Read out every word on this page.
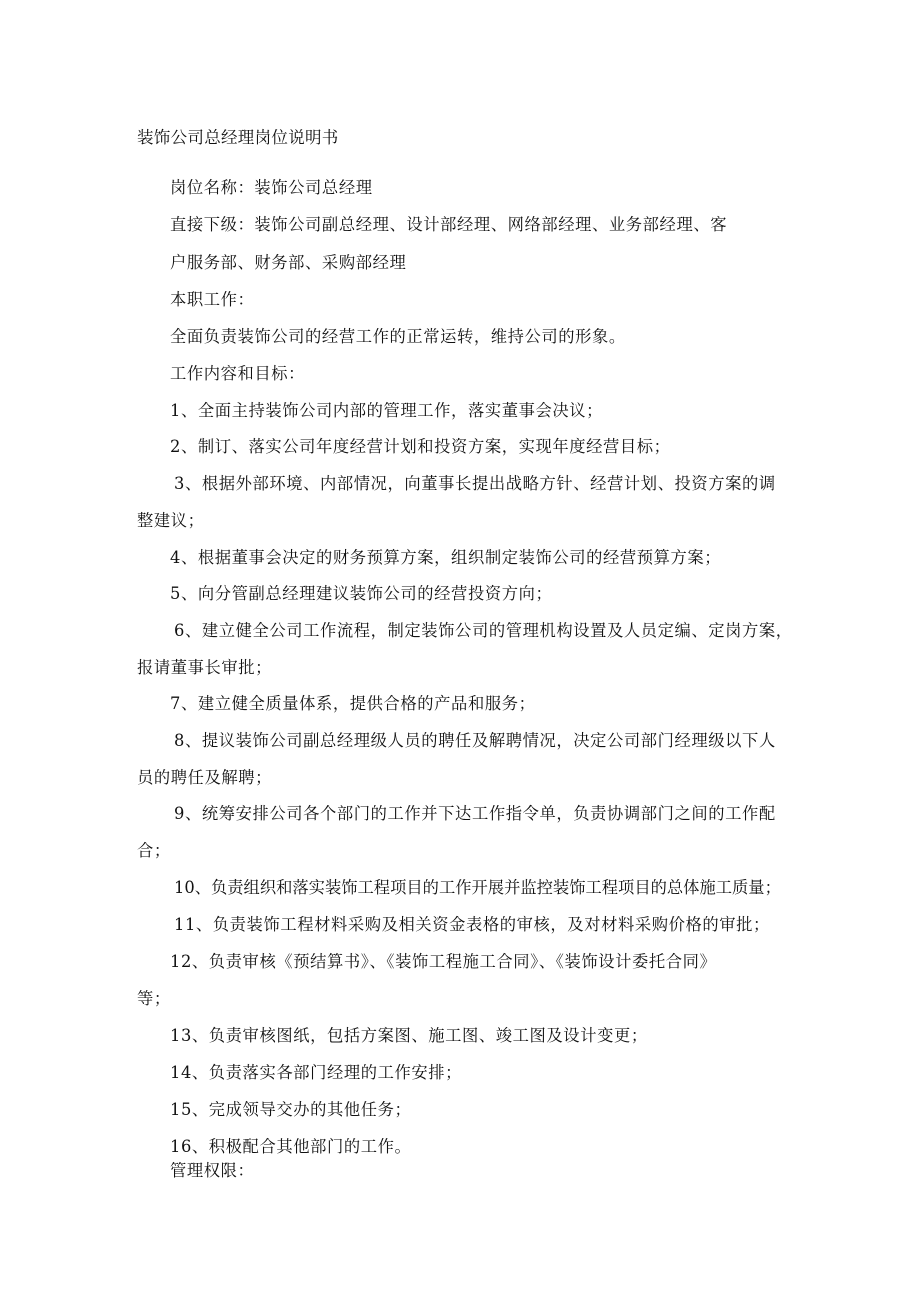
装饰公司总经理岗位说明书
岗位名称：装饰公司总经理
直接下级：装饰公司副总经理、设计部经理、网络部经理、业务部经理、客
户服务部、财务部、采购部经理
本职工作：
全面负责装饰公司的经营工作的正常运转，维持公司的形象。
工作内容和目标：
1、全面主持装饰公司内部的管理工作，落实董事会决议；
2、制订、落实公司年度经营计划和投资方案，实现年度经营目标；
3、根据外部环境、内部情况，向董事长提出战略方针、经营计划、投资方案的调
整建议；
4、根据董事会决定的财务预算方案，组织制定装饰公司的经营预算方案；
5、向分管副总经理建议装饰公司的经营投资方向；
6、建立健全公司工作流程，制定装饰公司的管理机构设置及人员定编、定岗方案，
报请董事长审批；
7、建立健全质量体系，提供合格的产品和服务；
8、提议装饰公司副总经理级人员的聘任及解聘情况，决定公司部门经理级以下人
员的聘任及解聘；
9、统筹安排公司各个部门的工作并下达工作指令单，负责协调部门之间的工作配
合；
10、负责组织和落实装饰工程项目的工作开展并监控装饰工程项目的总体施工质量；
11、负责装饰工程材料采购及相关资金表格的审核，及对材料采购价格的审批；
12、负责审核《预结算书》、《装饰工程施工合同》、《装饰设计委托合同》
等；
13、负责审核图纸，包括方案图、施工图、竣工图及设计变更；
14、负责落实各部门经理的工作安排；
15、完成领导交办的其他任务；
16、积极配合其他部门的工作。
管理权限：
